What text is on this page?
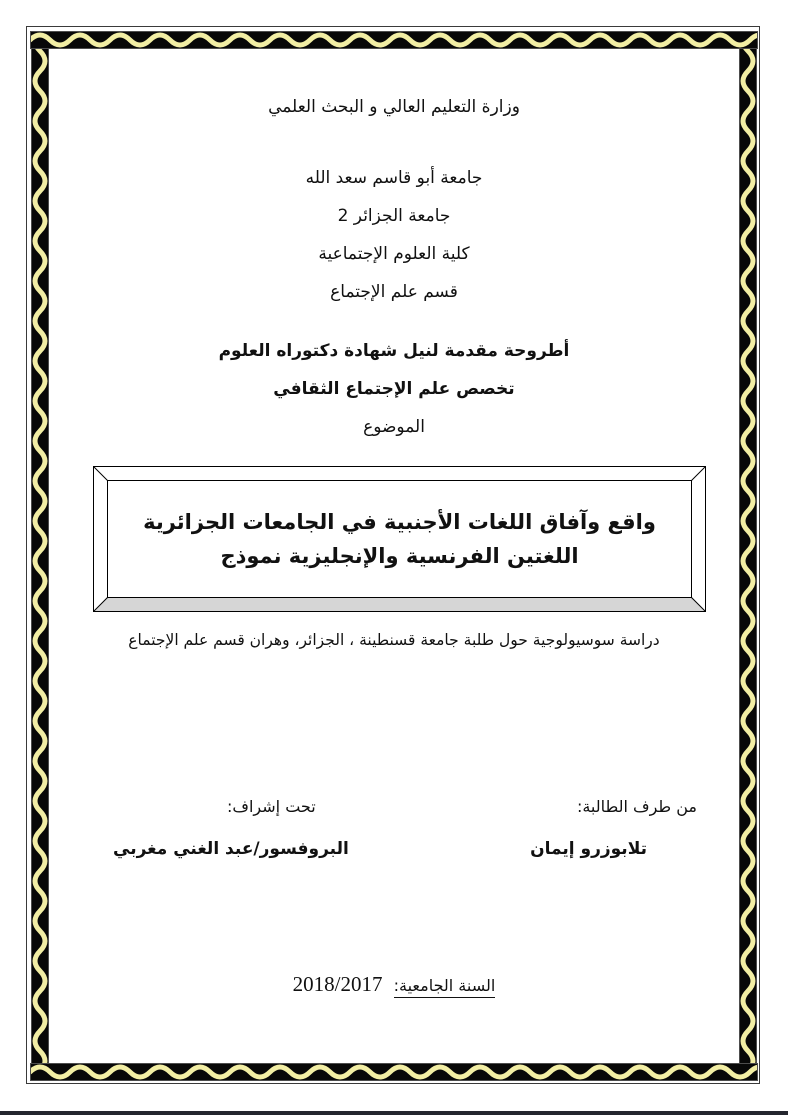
وزارة التعليم العالي و البحث العلمي
جامعة أبو قاسم سعد الله
جامعة الجزائر 2
كلية العلوم الإجتماعية
قسم علم الإجتماع
أطروحة مقدمة لنيل شهادة دكتوراه العلوم
تخصص علم الإجتماع الثقافي
الموضوع
واقع وآفاق اللغات الأجنبية في الجامعات الجزائرية
اللغتين الفرنسية والإنجليزية نموذج
دراسة سوسيولوجية حول طلبة جامعة قسنطينة ، الجزائر، وهران قسم علم الإجتماع
من طرف الطالبة:
تحت إشراف:
تلابوزرو إيمان
البروفسور/عبد الغني مغربي
السنة الجامعية: 2018/2017
